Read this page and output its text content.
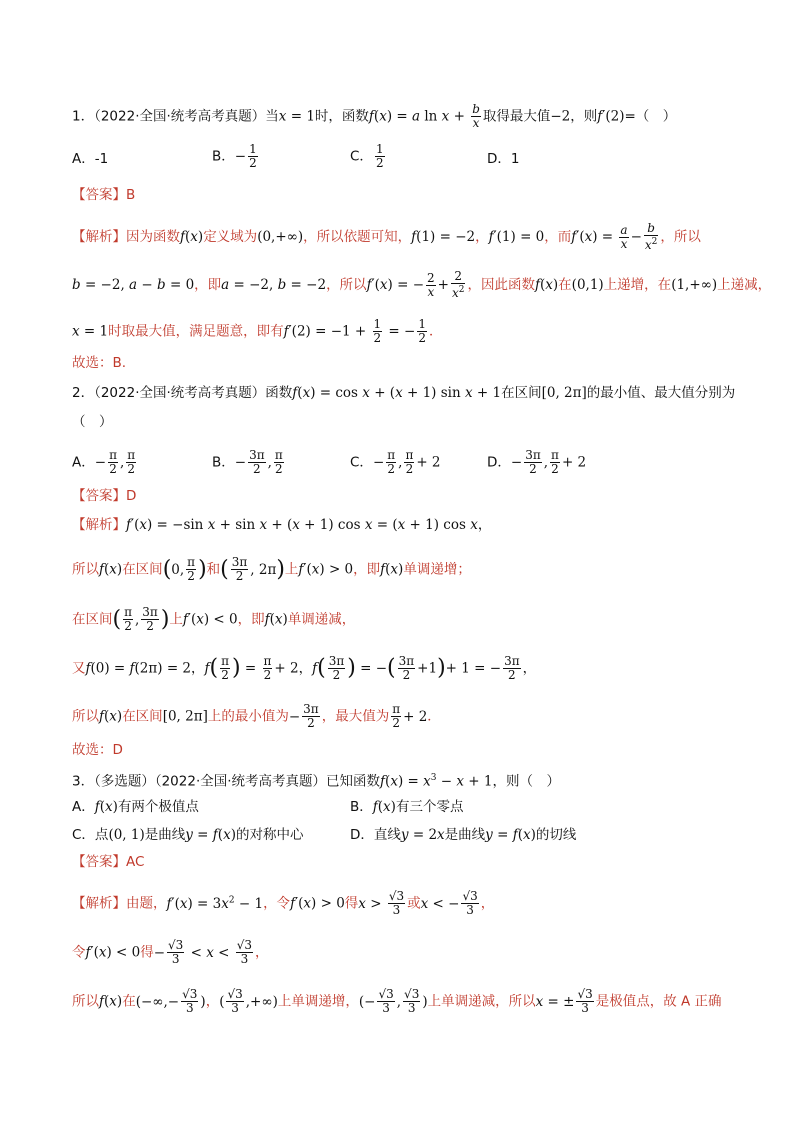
1．（2022·全国·统考高考真题）当x = 1时，函数f(x) = a $\ln x + \frac{b}{x}$ 取得最大值−2，则f′(2)=（　）
A．-1	B．− $\frac{1}{2}$	C． $\frac{1}{2}$	D．1
【答案】B
【解析】因为函数f(x)定义域为(0,+∞)，所以依题可知，f(1) = −2，f′(1) = 0，而$f'(x) = \frac{a}{x} - \frac{b}{x^2}$ ，所以
b = −2, a − b = 0，即a = −2, b = −2，所以f′(x) = − $\frac{2}{x} + \frac{2}{x^2}$ ，因此函数f(x)在(0,1)上递增，在(1,+∞)上递减，
x = 1时取最大值，满足题意，即有$f'(2) = -1 + \frac{1}{2}$ = − $\frac{1}{2}$ ．
故选：B.
2．（2022·全国·统考高考真题）函数f(x) = cos x + (x + 1) sin x + 1在区间[0, 2π]的最小值、最大值分别为
（　）
A．− $\frac{\pi}{2}$ , $\frac{\pi}{2}$	B．− $\frac{3\pi}{2}$ , $\frac{\pi}{2}$	C．− $\frac{\pi}{2}$ , $\frac{\pi}{2} + 2$	D．− $\frac{3\pi}{2}$ , $\frac{\pi}{2} + 2$
【答案】D
【解析】f′(x) = −sin x + sin x + (x + 1) cos x = (x + 1) cos x，
所以f(x)在区间(0, $\frac{\pi}{2}$ )和( $\frac{3\pi}{2}$ , 2π)上f′(x) > 0，即f(x)单调递增；
在区间( $\frac{\pi}{2}$ , $\frac{3\pi}{2}$ )上f′(x) < 0，即f(x)单调递减，
又f(0) = f(2π) = 2，$f( \frac{\pi}{2}$ ) = $\frac{\pi}{2} + 2$，$f( \frac{3\pi}{2}$ ) = −( $\frac{3\pi}{2} +1)+ 1$ = − $\frac{3\pi}{2}$ ，
所以f(x)在区间[0, 2π]上的最小值为− $\frac{3\pi}{2}$ ，最大值为 $\frac{\pi}{2} + 2$．
故选：D
3．（多选题）（2022·全国·统考高考真题）已知函数$f(x) = x^3 - x + 1$，则（　）
A．f(x)有两个极值点	B．f(x)有三个零点
C．点(0, 1)是曲线y = f(x)的对称中心	D．直线y = 2x是曲线y = f(x)的切线
【答案】AC
【解析】由题，$f'(x) = 3x^2 - 1$，令f′(x) > 0得$x > \frac{√3}{3}$ 或x < − $\frac{√3}{3}$ ，
令f′(x) < 0得− $\frac{√3}{3} < x < \frac{√3}{3}$ ，
所以f(x)在(−∞,− $\frac{√3}{3}$ )，( $\frac{√3}{3}$ ,+∞)上单调递增，(− $\frac{√3}{3}$ , $\frac{√3}{3}$ )上单调递减，所以x = ± $\frac{√3}{3}$ 是极值点，故 A 正确
